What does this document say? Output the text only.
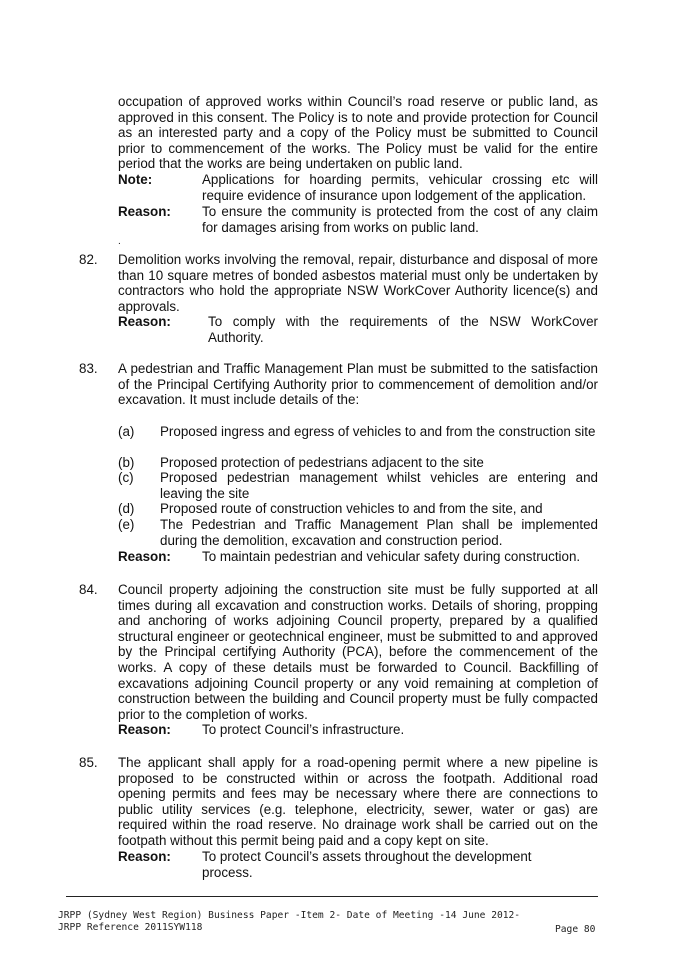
occupation of approved works within Council’s road reserve or public land, as approved in this consent. The Policy is to note and provide protection for Council as an interested party and a copy of the Policy must be submitted to Council prior to commencement of the works. The Policy must be valid for the entire period that the works are being undertaken on public land.
Note:	Applications for hoarding permits, vehicular crossing etc will require evidence of insurance upon lodgement of the application.
Reason: To ensure the community is protected from the cost of any claim for damages arising from works on public land.
.
82. Demolition works involving the removal, repair, disturbance and disposal of more than 10 square metres of bonded asbestos material must only be undertaken by contractors who hold the appropriate NSW WorkCover Authority licence(s) and approvals.
Reason:	To comply with the requirements of the NSW WorkCover Authority.
83. A pedestrian and Traffic Management Plan must be submitted to the satisfaction of the Principal Certifying Authority prior to commencement of demolition and/or excavation. It must include details of the:
(a) Proposed ingress and egress of vehicles to and from the construction site
(b) Proposed protection of pedestrians adjacent to the site
(c) Proposed pedestrian management whilst vehicles are entering and leaving the site
(d) Proposed route of construction vehicles to and from the site, and
(e) The Pedestrian and Traffic Management Plan shall be implemented during the demolition, excavation and construction period.
Reason: To maintain pedestrian and vehicular safety during construction.
84. Council property adjoining the construction site must be fully supported at all times during all excavation and construction works. Details of shoring, propping and anchoring of works adjoining Council property, prepared by a qualified structural engineer or geotechnical engineer, must be submitted to and approved by the Principal certifying Authority (PCA), before the commencement of the works. A copy of these details must be forwarded to Council. Backfilling of excavations adjoining Council property or any void remaining at completion of construction between the building and Council property must be fully compacted prior to the completion of works.
Reason: To protect Council’s infrastructure.
85. The applicant shall apply for a road-opening permit where a new pipeline is proposed to be constructed within or across the footpath. Additional road opening permits and fees may be necessary where there are connections to public utility services (e.g. telephone, electricity, sewer, water or gas) are required within the road reserve. No drainage work shall be carried out on the footpath without this permit being paid and a copy kept on site.
Reason: To protect Council’s assets throughout the development process.
JRPP (Sydney West Region) Business Paper -Item 2- Date of Meeting -14 June 2012-
JRPP Reference 2011SYW118	Page 80
